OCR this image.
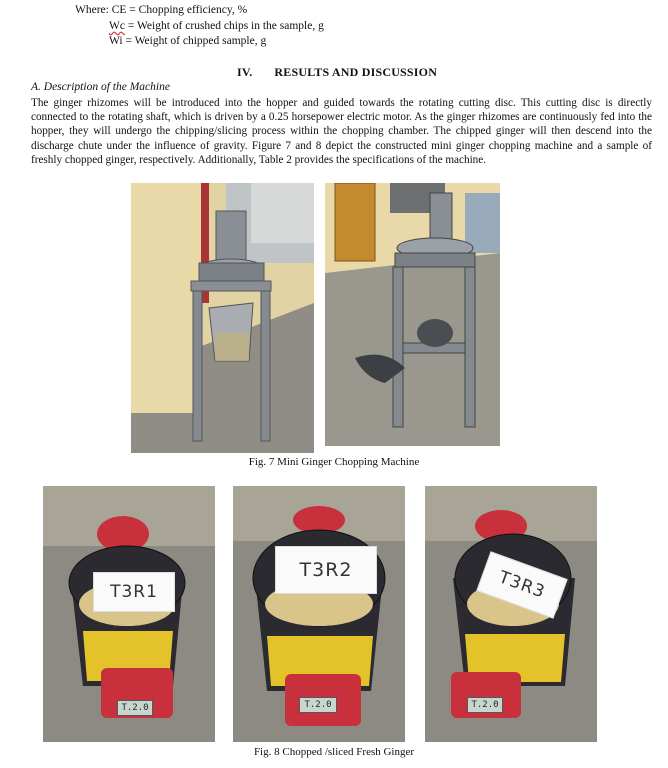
Where: CE = Chopping efficiency, %
Wc = Weight of crushed chips in the sample, g
Wi = Weight of chipped sample, g
IV. RESULTS AND DISCUSSION
A. Description of the Machine
The ginger rhizomes will be introduced into the hopper and guided towards the rotating cutting disc. This cutting disc is directly connected to the rotating shaft, which is driven by a 0.25 horsepower electric motor. As the ginger rhizomes are continuously fed into the hopper, they will undergo the chipping/slicing process within the chopping chamber. The chipped ginger will then descend into the discharge chute under the influence of gravity. Figure 7 and 8 depict the constructed mini ginger chopping machine and a sample of freshly chopped ginger, respectively. Additionally, Table 2 provides the specifications of the machine.
Fig. 7 Mini Ginger Chopping Machine
T3R1
T.2.0
T3R2
T.2.0
T3R3
T.2.0
Fig. 8 Chopped /sliced Fresh Ginger
